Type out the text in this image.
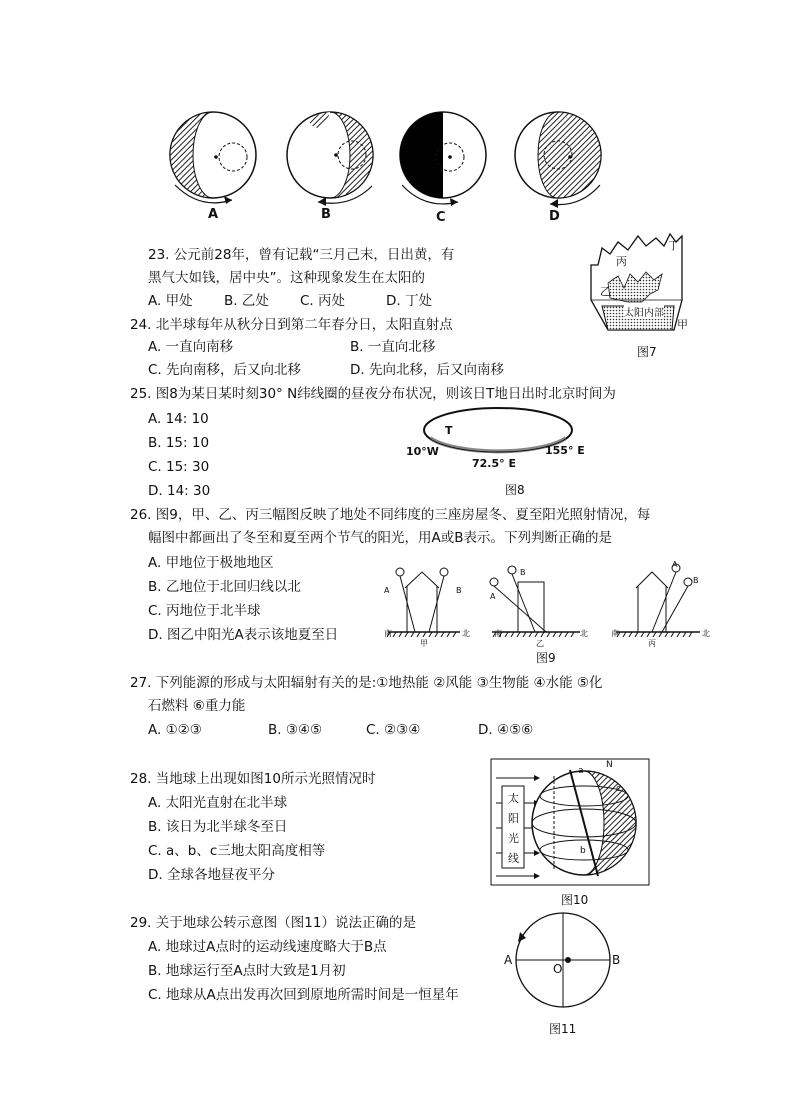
A	B	C	D
23. 公元前28年，曾有记载“三月己末，日出黄，有
黑气大如钱，居中央”。这种现象发生在太阳的
A. 甲处 B. 乙处 C. 丙处	D. 丁处
丁
丙
乙
太阳内部
甲
图7
24. 北半球每年从秋分日到第二年春分日，太阳直射点
A. 一直向南移	B. 一直向北移
C. 先向南移，后又向北移	D. 先向北移，后又向南移
25. 图8为某日某时刻30° N纬线圈的昼夜分布状况，则该日T地日出时北京时间为
A. 14: 10
B. 15: 10
C. 15: 30
D. 14: 30
T
10°W
72.5° E
155° E
图8
26. 图9，甲、乙、丙三幅图反映了地处不同纬度的三座房屋冬、夏至阳光照射情况，每
幅图中都画出了冬至和夏至两个节气的阳光，用A或B表示。下列判断正确的是
A. 甲地位于极地地区
B. 乙地位于北回归线以北
C. 丙地位于北半球
D. 图乙中阳光A表示该地夏至日
A	B
A
B
A
B
南	北
甲
南	北
乙
南	北
丙
图9
27. 下列能源的形成与太阳辐射有关的是:①地热能 ②风能 ③生物能 ④水能 ⑤化
石燃料 ⑥重力能
A. ①②③	B. ③④⑤	C. ②③④	D. ④⑤⑥
28. 当地球上出现如图10所示光照情况时
A. 太阳光直射在北半球
B. 该日为北半球冬至日
C. a、b、c三地太阳高度相等
D. 全球各地昼夜平分
太
阳
光
线
a
b
c
N
图10
29. 关于地球公转示意图（图11）说法正确的是
A. 地球过A点时的运动线速度略大于B点
B. 地球运行至A点时大致是1月初
C. 地球从A点出发再次回到原地所需时间是一恒星年
A	B
O
图11
